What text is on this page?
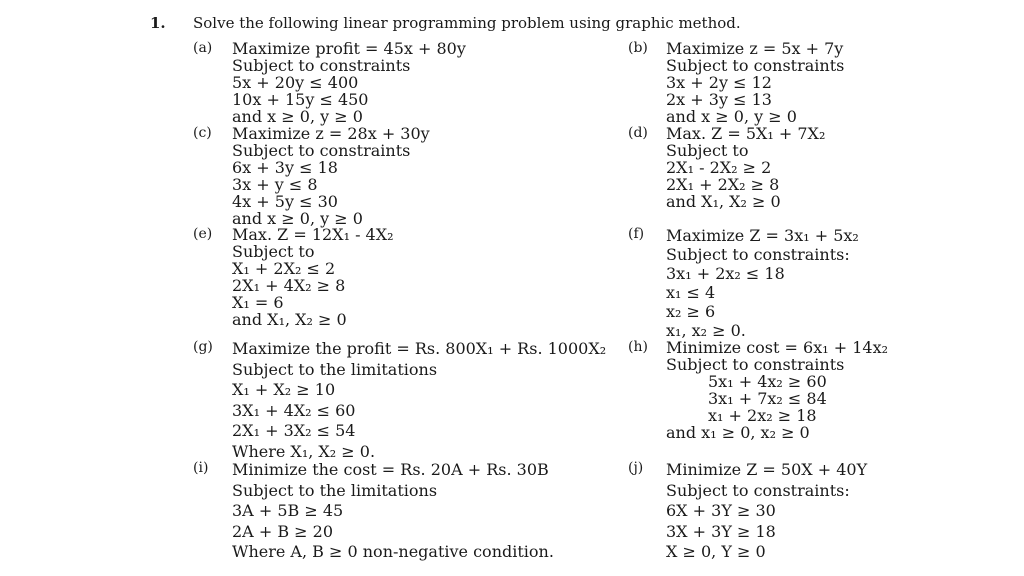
1. Solve the following linear programming problem using graphic method.
(a)	Maximize profit = 45x + 80y
Subject to constraints
5x + 20y ≤ 400
10x + 15y ≤ 450
and x ≥ 0, y ≥ 0
(b)	Maximize z = 5x + 7y
Subject to constraints
3x + 2y ≤ 12
2x + 3y ≤ 13
and x ≥ 0, y ≥ 0
(c)	Maximize z = 28x + 30y
Subject to constraints
6x + 3y ≤ 18
3x + y ≤ 8
4x + 5y ≤ 30
and x ≥ 0, y ≥ 0
(d)	Max. Z = 5X₁ + 7X₂
Subject to
2X₁ - 2X₂ ≥ 2
2X₁ + 2X₂ ≥ 8
and X₁, X₂ ≥ 0
(e)	Max. Z = 12X₁ - 4X₂
Subject to
X₁ + 2X₂ ≤ 2
2X₁ + 4X₂ ≥ 8
X₁ = 6
and X₁, X₂ ≥ 0
(f)	Maximize Z = 3x₁ + 5x₂
Subject to constraints:
3x₁ + 2x₂ ≤ 18
x₁ ≤ 4
x₂ ≥ 6
x₁, x₂ ≥ 0.
(g)	Maximize the profit = Rs. 800X₁ + Rs. 1000X₂
Subject to the limitations
X₁ + X₂ ≥ 10
3X₁ + 4X₂ ≤ 60
2X₁ + 3X₂ ≤ 54
Where X₁, X₂ ≥ 0.
(h)	Minimize cost = 6x₁ + 14x₂
Subject to constraints
5x₁ + 4x₂ ≥ 60
3x₁ + 7x₂ ≤ 84
x₁ + 2x₂ ≥ 18
and x₁ ≥ 0, x₂ ≥ 0
(i)	Minimize the cost = Rs. 20A + Rs. 30B
Subject to the limitations
3A + 5B ≥ 45
2A + B ≥ 20
Where A, B ≥ 0 non-negative condition.
(j)	Minimize Z = 50X + 40Y
Subject to constraints:
6X + 3Y ≥ 30
3X + 3Y ≥ 18
X ≥ 0, Y ≥ 0
